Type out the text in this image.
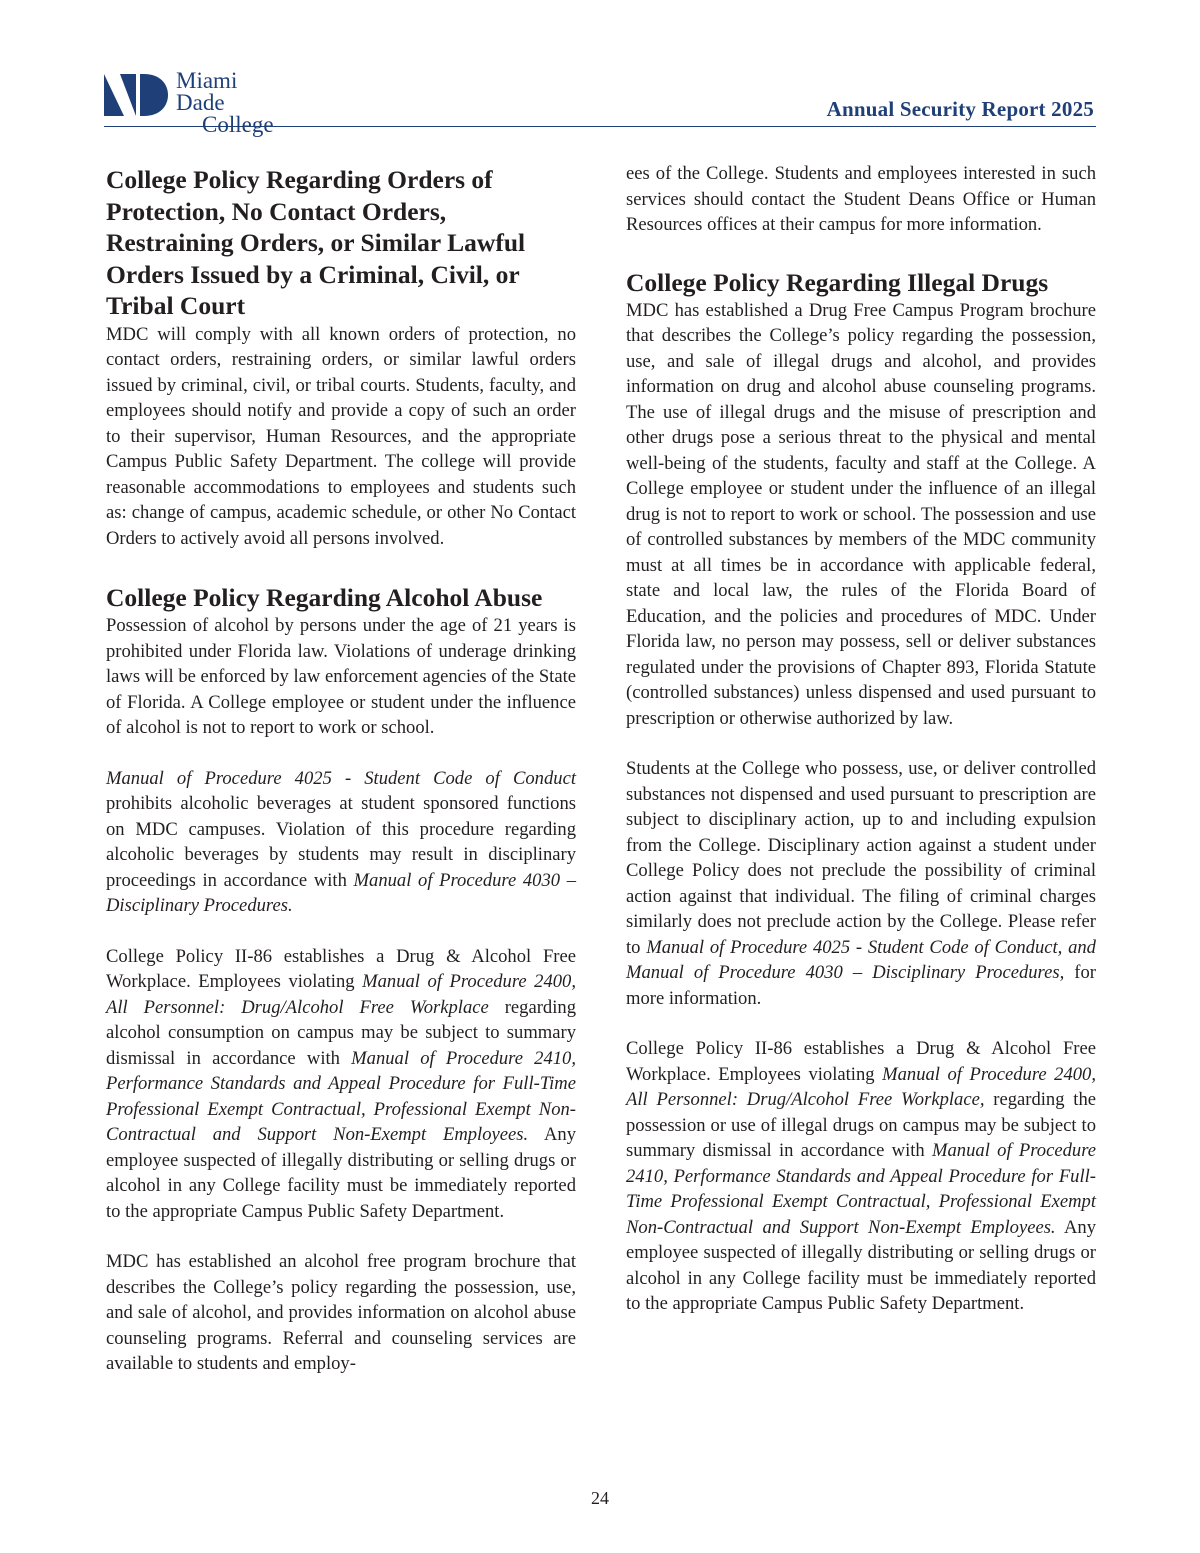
Miami Dade
College
Annual Security Report 2025
College Policy Regarding Orders of Protection, No Contact Orders, Restraining Orders, or Similar Lawful Orders Issued by a Criminal, Civil, or Tribal Court

MDC will comply with all known orders of protection, no contact orders, restraining orders, or similar lawful orders issued by criminal, civil, or tribal courts. Students, faculty, and employees should notify and provide a copy of such an order to their supervisor, Human Resources, and the appropriate Campus Public Safety Department. The college will provide reasonable accommodations to employees and students such as: change of campus, academic schedule, or other No Contact Orders to actively avoid all persons involved.

College Policy Regarding Alcohol Abuse

Possession of alcohol by persons under the age of 21 years is prohibited under Florida law. Violations of underage drinking laws will be enforced by law enforcement agencies of the State of Florida. A College employee or student under the influence of alcohol is not to report to work or school.

Manual of Procedure 4025 - Student Code of Conduct prohibits alcoholic beverages at student sponsored functions on MDC campuses. Violation of this procedure regarding alcoholic beverages by students may result in disciplinary proceedings in accordance with Manual of Procedure 4030 – Disciplinary Procedures.

College Policy II-86 establishes a Drug & Alcohol Free Workplace. Employees violating Manual of Procedure 2400, All Personnel: Drug/Alcohol Free Workplace regarding alcohol consumption on campus may be subject to summary dismissal in accordance with Manual of Procedure 2410, Performance Standards and Appeal Procedure for Full-Time Professional Exempt Contractual, Professional Exempt Non-Contractual and Support Non-Exempt Employees. Any employee suspected of illegally distributing or selling drugs or alcohol in any College facility must be immediately reported to the appropriate Campus Public Safety Department.

MDC has established an alcohol free program brochure that describes the College’s policy regarding the possession, use, and sale of alcohol, and provides information on alcohol abuse counseling programs. Referral and counseling services are available to students and employ-

ees of the College. Students and employees interested in such services should contact the Student Deans Office or Human Resources offices at their campus for more information.

College Policy Regarding Illegal Drugs

MDC has established a Drug Free Campus Program brochure that describes the College’s policy regarding the possession, use, and sale of illegal drugs and alcohol, and provides information on drug and alcohol abuse counseling programs. The use of illegal drugs and the misuse of prescription and other drugs pose a serious threat to the physical and mental well-being of the students, faculty and staff at the College. A College employee or student under the influence of an illegal drug is not to report to work or school. The possession and use of controlled substances by members of the MDC community must at all times be in accordance with applicable federal, state and local law, the rules of the Florida Board of Education, and the policies and procedures of MDC. Under Florida law, no person may possess, sell or deliver substances regulated under the provisions of Chapter 893, Florida Statute (controlled substances) unless dispensed and used pursuant to prescription or otherwise authorized by law.

Students at the College who possess, use, or deliver controlled substances not dispensed and used pursuant to prescription are subject to disciplinary action, up to and including expulsion from the College. Disciplinary action against a student under College Policy does not preclude the possibility of criminal action against that individual. The filing of criminal charges similarly does not preclude action by the College. Please refer to Manual of Procedure 4025 - Student Code of Conduct, and Manual of Procedure 4030 – Disciplinary Procedures, for more information.

College Policy II-86 establishes a Drug & Alcohol Free Workplace. Employees violating Manual of Procedure 2400, All Personnel: Drug/Alcohol Free Workplace, regarding the possession or use of illegal drugs on campus may be subject to summary dismissal in accordance with Manual of Procedure 2410, Performance Standards and Appeal Procedure for Full-Time Professional Exempt Contractual, Professional Exempt Non-Contractual and Support Non-Exempt Employees. Any employee suspected of illegally distributing or selling drugs or alcohol in any College facility must be immediately reported to the appropriate Campus Public Safety Department.

24
